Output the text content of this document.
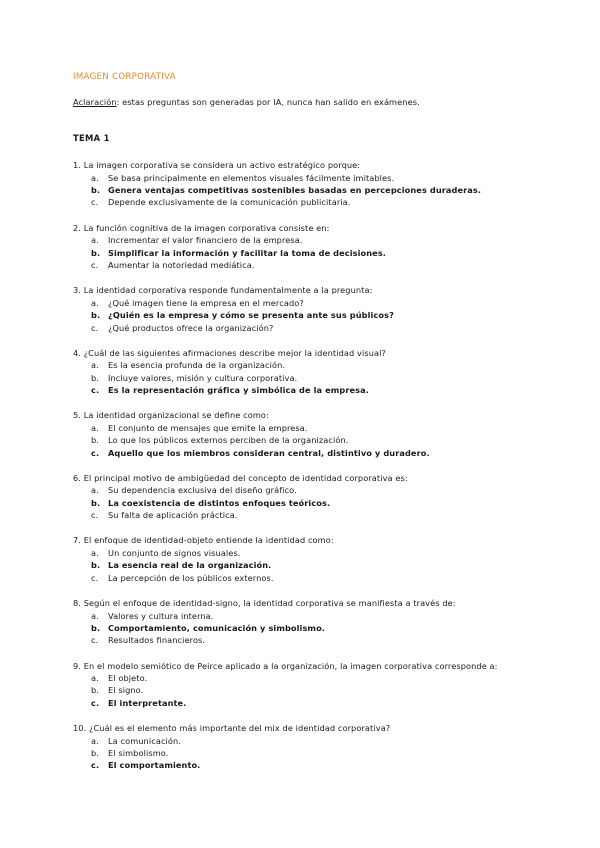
IMAGEN CORPORATIVA
Aclaración: estas preguntas son generadas por IA, nunca han salido en exámenes.
TEMA 1
1. La imagen corporativa se considera un activo estratégico porque:
a. Se basa principalmente en elementos visuales fácilmente imitables.
b. Genera ventajas competitivas sostenibles basadas en percepciones duraderas.
c. Depende exclusivamente de la comunicación publicitaria.
2. La función cognitiva de la imagen corporativa consiste en:
a. Incrementar el valor financiero de la empresa.
b. Simplificar la información y facilitar la toma de decisiones.
c. Aumentar la notoriedad mediática.
3. La identidad corporativa responde fundamentalmente a la pregunta:
a. ¿Qué imagen tiene la empresa en el mercado?
b. ¿Quién es la empresa y cómo se presenta ante sus públicos?
c. ¿Qué productos ofrece la organización?
4. ¿Cuál de las siguientes afirmaciones describe mejor la identidad visual?
a. Es la esencia profunda de la organización.
b. Incluye valores, misión y cultura corporativa.
c. Es la representación gráfica y simbólica de la empresa.
5. La identidad organizacional se define como:
a. El conjunto de mensajes que emite la empresa.
b. Lo que los públicos externos perciben de la organización.
c. Aquello que los miembros consideran central, distintivo y duradero.
6. El principal motivo de ambigüedad del concepto de identidad corporativa es:
a. Su dependencia exclusiva del diseño gráfico.
b. La coexistencia de distintos enfoques teóricos.
c. Su falta de aplicación práctica.
7. El enfoque de identidad-objeto entiende la identidad como:
a. Un conjunto de signos visuales.
b. La esencia real de la organización.
c. La percepción de los públicos externos.
8. Según el enfoque de identidad-signo, la identidad corporativa se manifiesta a través de:
a. Valores y cultura interna.
b. Comportamiento, comunicación y simbolismo.
c. Resultados financieros.
9. En el modelo semiótico de Peirce aplicado a la organización, la imagen corporativa corresponde a:
a. El objeto.
b. El signo.
c. El interpretante.
10. ¿Cuál es el elemento más importante del mix de identidad corporativa?
a. La comunicación.
b. El simbolismo.
c. El comportamiento.
